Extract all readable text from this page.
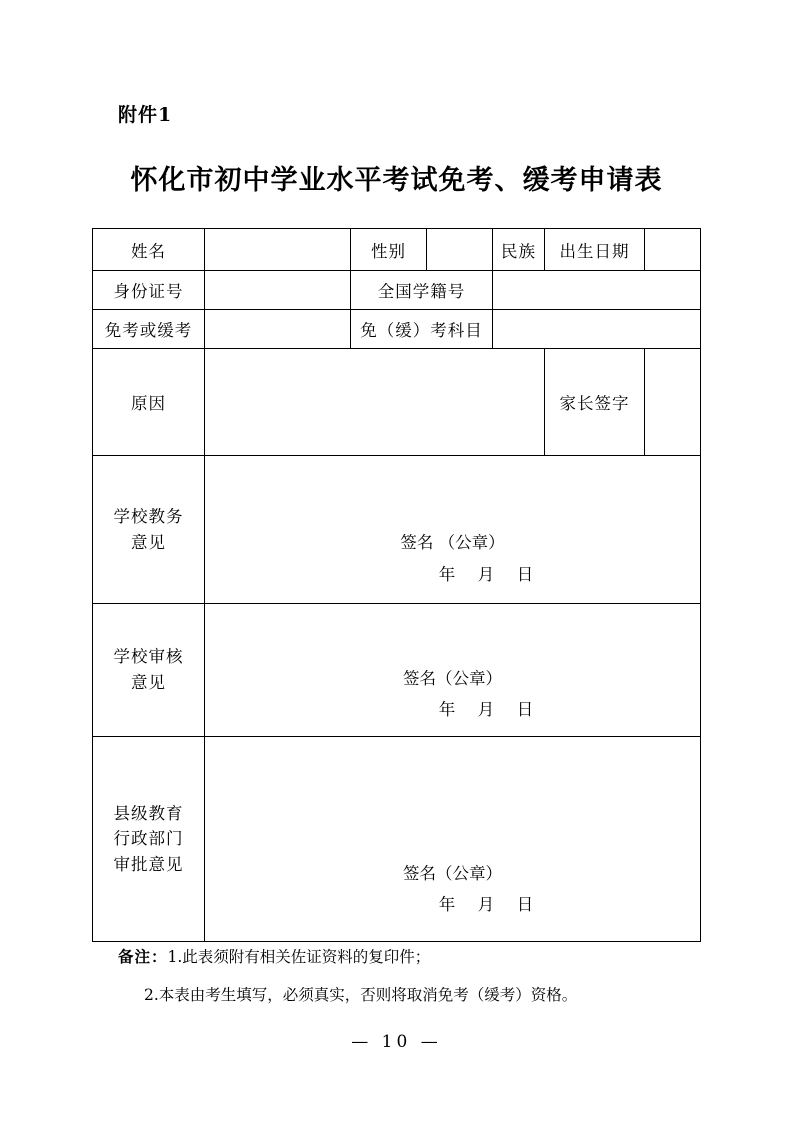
附件1
怀化市初中学业水平考试免考、缓考申请表
姓名		性别		民族	出生日期	
身份证号		全国学籍号				
免考或缓考		免（缓）考科目				
原因					家长签字	

学校教务
意见	签名 （公章）
年　月　日

学校审核
意见	签名（公章）
年　月　日

县级教育
行政部门
审批意见	签名（公章）
年　月　日
备注：1.此表须附有相关佐证资料的复印件；
2.本表由考生填写，必须真实，否则将取消免考（缓考）资格。
— 10 —
